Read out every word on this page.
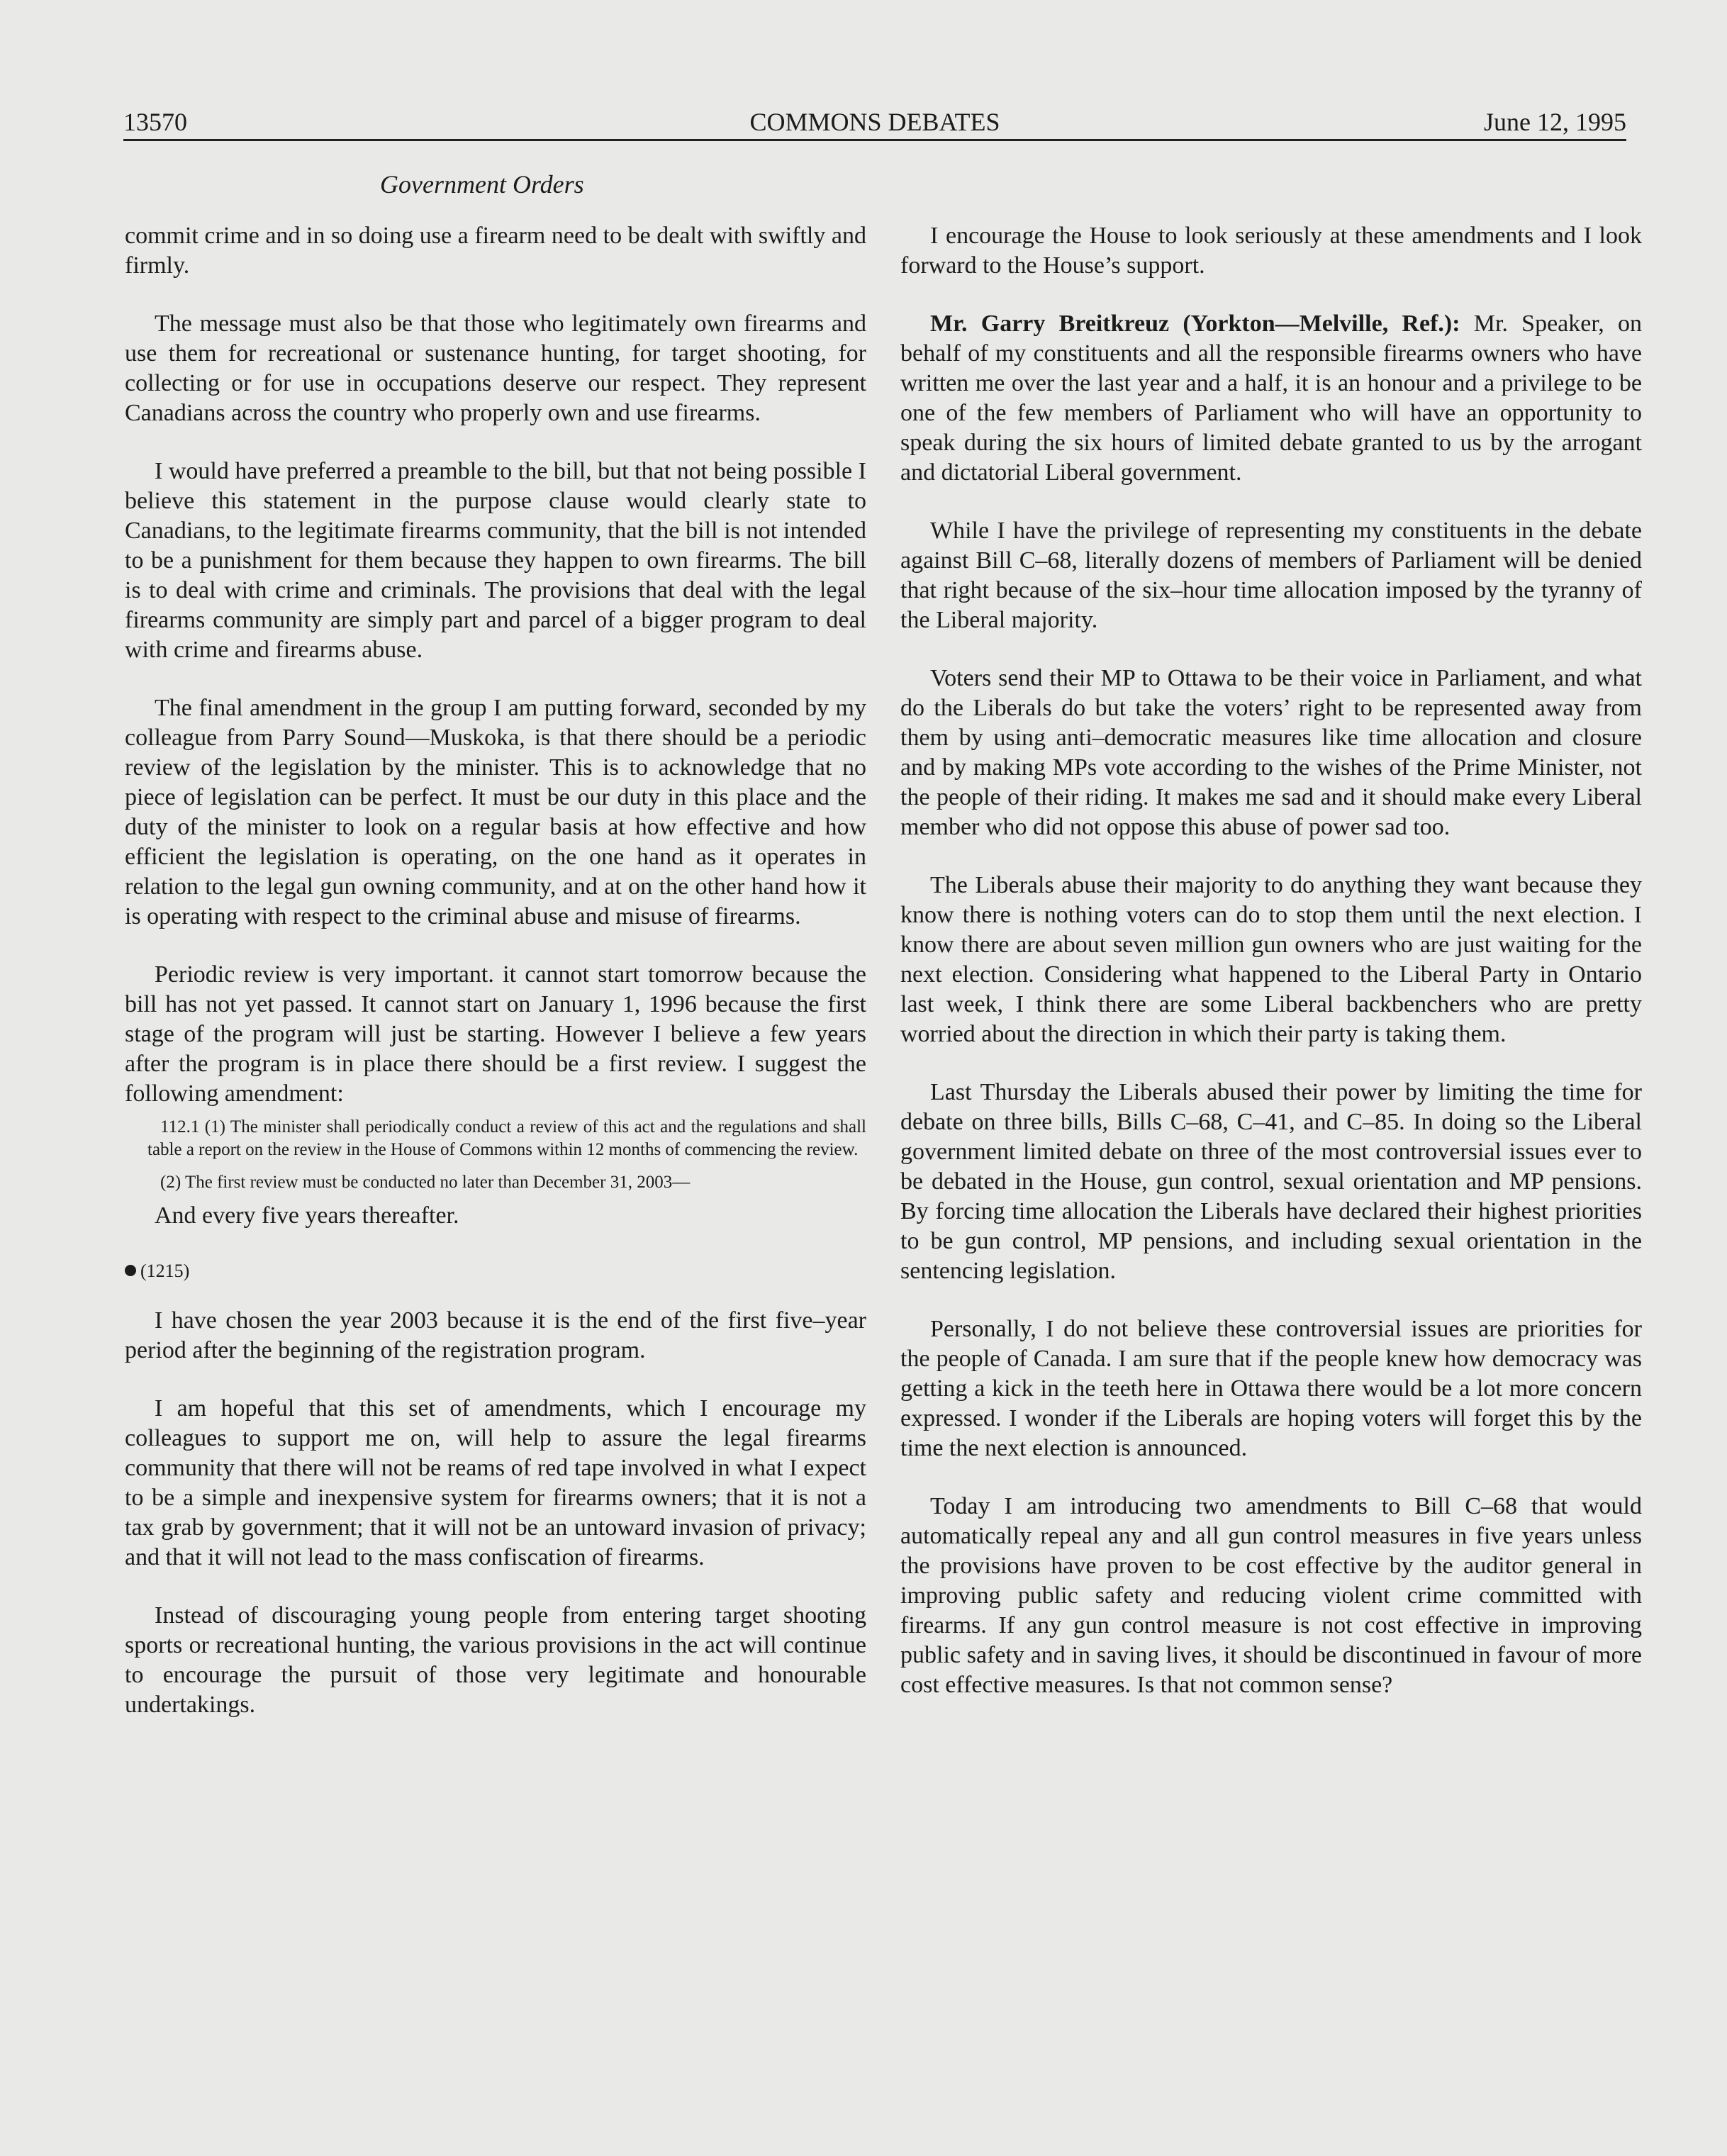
13570	COMMONS DEBATES	June 12, 1995
Government Orders

commit crime and in so doing use a firearm need to be dealt with swiftly and firmly.

The message must also be that those who legitimately own firearms and use them for recreational or sustenance hunting, for target shooting, for collecting or for use in occupations deserve our respect. They represent Canadians across the country who properly own and use firearms.

I would have preferred a preamble to the bill, but that not being possible I believe this statement in the purpose clause would clearly state to Canadians, to the legitimate firearms community, that the bill is not intended to be a punishment for them because they happen to own firearms. The bill is to deal with crime and criminals. The provisions that deal with the legal firearms community are simply part and parcel of a bigger program to deal with crime and firearms abuse.

The final amendment in the group I am putting forward, seconded by my colleague from Parry Sound—Muskoka, is that there should be a periodic review of the legislation by the minister. This is to acknowledge that no piece of legislation can be perfect. It must be our duty in this place and the duty of the minister to look on a regular basis at how effective and how efficient the legislation is operating, on the one hand as it operates in relation to the legal gun owning community, and at on the other hand how it is operating with respect to the criminal abuse and misuse of firearms.

Periodic review is very important. it cannot start tomorrow because the bill has not yet passed. It cannot start on January 1, 1996 because the first stage of the program will just be starting. However I believe a few years after the program is in place there should be a first review. I suggest the following amendment:

112.1 (1) The minister shall periodically conduct a review of this act and the regulations and shall table a report on the review in the House of Commons within 12 months of commencing the review.
(2) The first review must be conducted no later than December 31, 2003—

And every five years thereafter.

(1215)

I have chosen the year 2003 because it is the end of the first five–year period after the beginning of the registration program.

I am hopeful that this set of amendments, which I encourage my colleagues to support me on, will help to assure the legal firearms community that there will not be reams of red tape involved in what I expect to be a simple and inexpensive system for firearms owners; that it is not a tax grab by government; that it will not be an untoward invasion of privacy; and that it will not lead to the mass confiscation of firearms.

Instead of discouraging young people from entering target shooting sports or recreational hunting, the various provisions in the act will continue to encourage the pursuit of those very legitimate and honourable undertakings.

I encourage the House to look seriously at these amendments and I look forward to the House’s support.

Mr. Garry Breitkreuz (Yorkton—Melville, Ref.): Mr. Speaker, on behalf of my constituents and all the responsible firearms owners who have written me over the last year and a half, it is an honour and a privilege to be one of the few members of Parliament who will have an opportunity to speak during the six hours of limited debate granted to us by the arrogant and dictatorial Liberal government.

While I have the privilege of representing my constituents in the debate against Bill C–68, literally dozens of members of Parliament will be denied that right because of the six–hour time allocation imposed by the tyranny of the Liberal majority.

Voters send their MP to Ottawa to be their voice in Parliament, and what do the Liberals do but take the voters’ right to be represented away from them by using anti–democratic measures like time allocation and closure and by making MPs vote according to the wishes of the Prime Minister, not the people of their riding. It makes me sad and it should make every Liberal member who did not oppose this abuse of power sad too.

The Liberals abuse their majority to do anything they want because they know there is nothing voters can do to stop them until the next election. I know there are about seven million gun owners who are just waiting for the next election. Considering what happened to the Liberal Party in Ontario last week, I think there are some Liberal backbenchers who are pretty worried about the direction in which their party is taking them.

Last Thursday the Liberals abused their power by limiting the time for debate on three bills, Bills C–68, C–41, and C–85. In doing so the Liberal government limited debate on three of the most controversial issues ever to be debated in the House, gun control, sexual orientation and MP pensions. By forcing time allocation the Liberals have declared their highest priorities to be gun control, MP pensions, and including sexual orientation in the sentencing legislation.

Personally, I do not believe these controversial issues are priorities for the people of Canada. I am sure that if the people knew how democracy was getting a kick in the teeth here in Ottawa there would be a lot more concern expressed. I wonder if the Liberals are hoping voters will forget this by the time the next election is announced.

Today I am introducing two amendments to Bill C–68 that would automatically repeal any and all gun control measures in five years unless the provisions have proven to be cost effective by the auditor general in improving public safety and reducing violent crime committed with firearms. If any gun control measure is not cost effective in improving public safety and in saving lives, it should be discontinued in favour of more cost effective measures. Is that not common sense?
